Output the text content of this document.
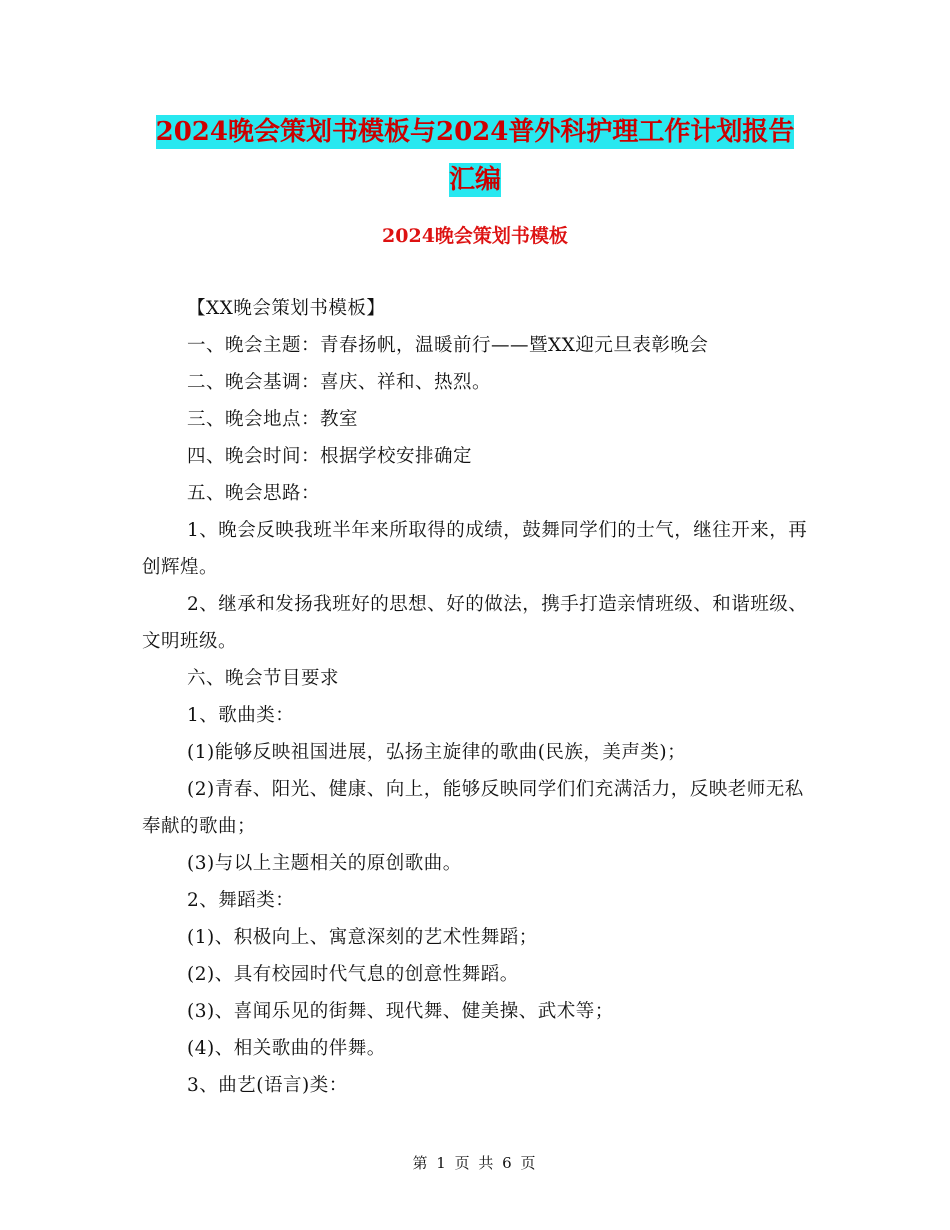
2024晚会策划书模板与2024普外科护理工作计划报告
汇编
2024晚会策划书模板

【XX晚会策划书模板】

一、晚会主题：青春扬帆，温暖前行——暨XX迎元旦表彰晚会

二、晚会基调：喜庆、祥和、热烈。

三、晚会地点：教室

四、晚会时间：根据学校安排确定

五、晚会思路：

1、晚会反映我班半年来所取得的成绩，鼓舞同学们的士气，继往开来，再创辉煌。

2、继承和发扬我班好的思想、好的做法，携手打造亲情班级、和谐班级、文明班级。

六、晚会节目要求

1、歌曲类：

(1)能够反映祖国进展，弘扬主旋律的歌曲(民族，美声类)；

(2)青春、阳光、健康、向上，能够反映同学们们充满活力，反映老师无私奉献的歌曲；

(3)与以上主题相关的原创歌曲。

2、舞蹈类：

(1)、积极向上、寓意深刻的艺术性舞蹈；

(2)、具有校园时代气息的创意性舞蹈。

(3)、喜闻乐见的街舞、现代舞、健美操、武术等；

(4)、相关歌曲的伴舞。

3、曲艺(语言)类：

第 1 页 共 6 页
